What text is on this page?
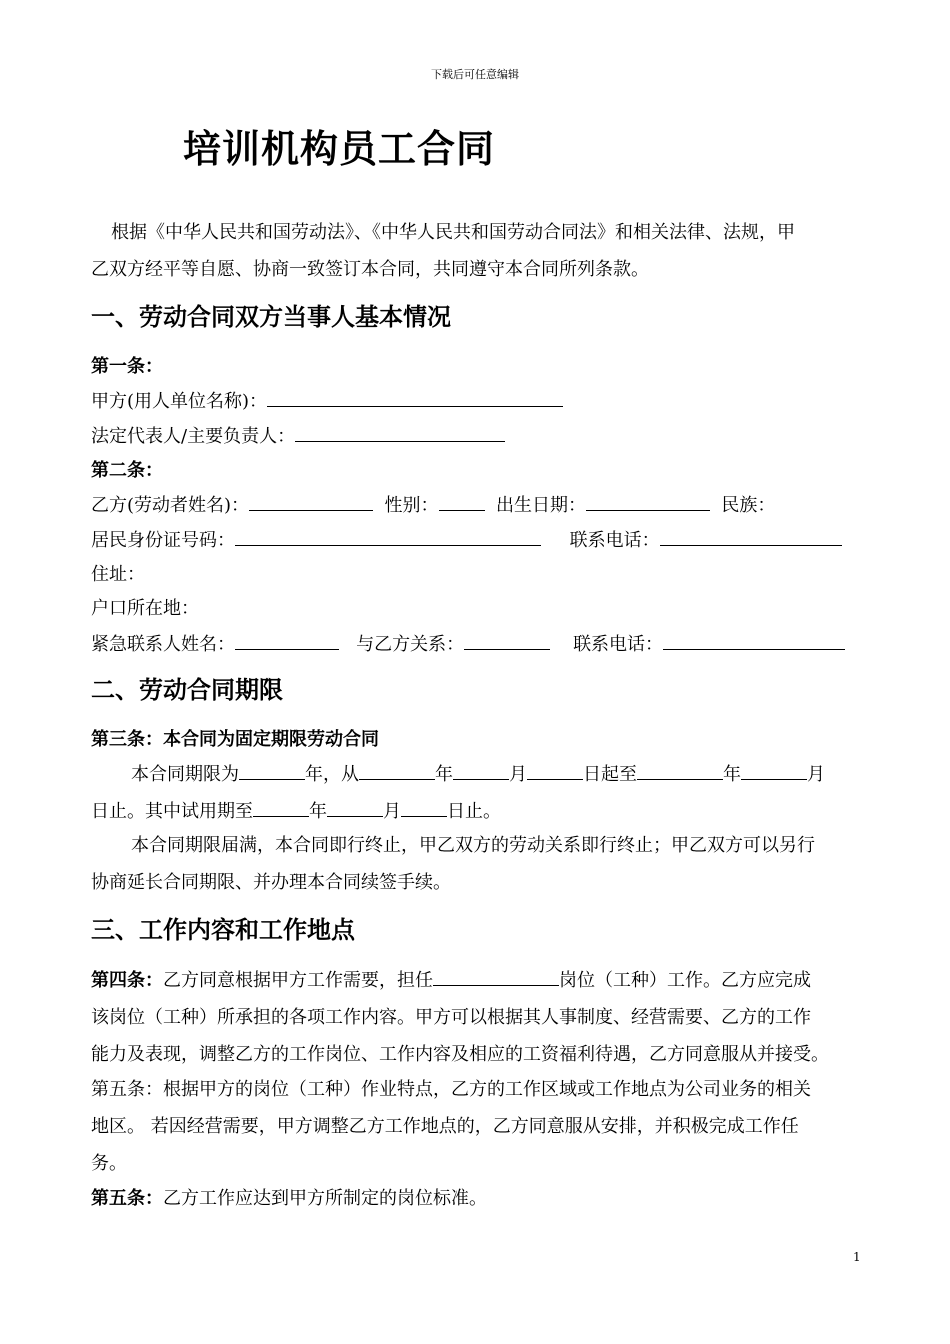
下载后可任意编辑
培训机构员工合同
根据《中华人民共和国劳动法》、《中华人民共和国劳动合同法》和相关法律、法规，甲
乙双方经平等自愿、协商一致签订本合同，共同遵守本合同所列条款。
一、劳动合同双方当事人基本情况
第一条：
甲方(用人单位名称)：
法定代表人/主要负责人：
第二条：
乙方(劳动者姓名)：	性别：	出生日期：	民族：
居民身份证号码：	联系电话：
住址：
户口所在地：
紧急联系人姓名：	与乙方关系：	联系电话：
二、劳动合同期限
第三条：本合同为固定期限劳动合同
本合同期限为	年，从	年	月	日起至	年	月
日止。其中试用期至	年	月	日止。
本合同期限届满，本合同即行终止，甲乙双方的劳动关系即行终止；甲乙双方可以另行
协商延长合同期限、并办理本合同续签手续。
三、工作内容和工作地点
第四条：乙方同意根据甲方工作需要，担任	岗位（工种）工作。乙方应完成
该岗位（工种）所承担的各项工作内容。甲方可以根据其人事制度、经营需要、乙方的工作
能力及表现，调整乙方的工作岗位、工作内容及相应的工资福利待遇，乙方同意服从并接受。
第五条：根据甲方的岗位（工种）作业特点，乙方的工作区域或工作地点为公司业务的相关
地区。 若因经营需要，甲方调整乙方工作地点的，乙方同意服从安排，并积极完成工作任
务。
第五条：乙方工作应达到甲方所制定的岗位标准。
1
